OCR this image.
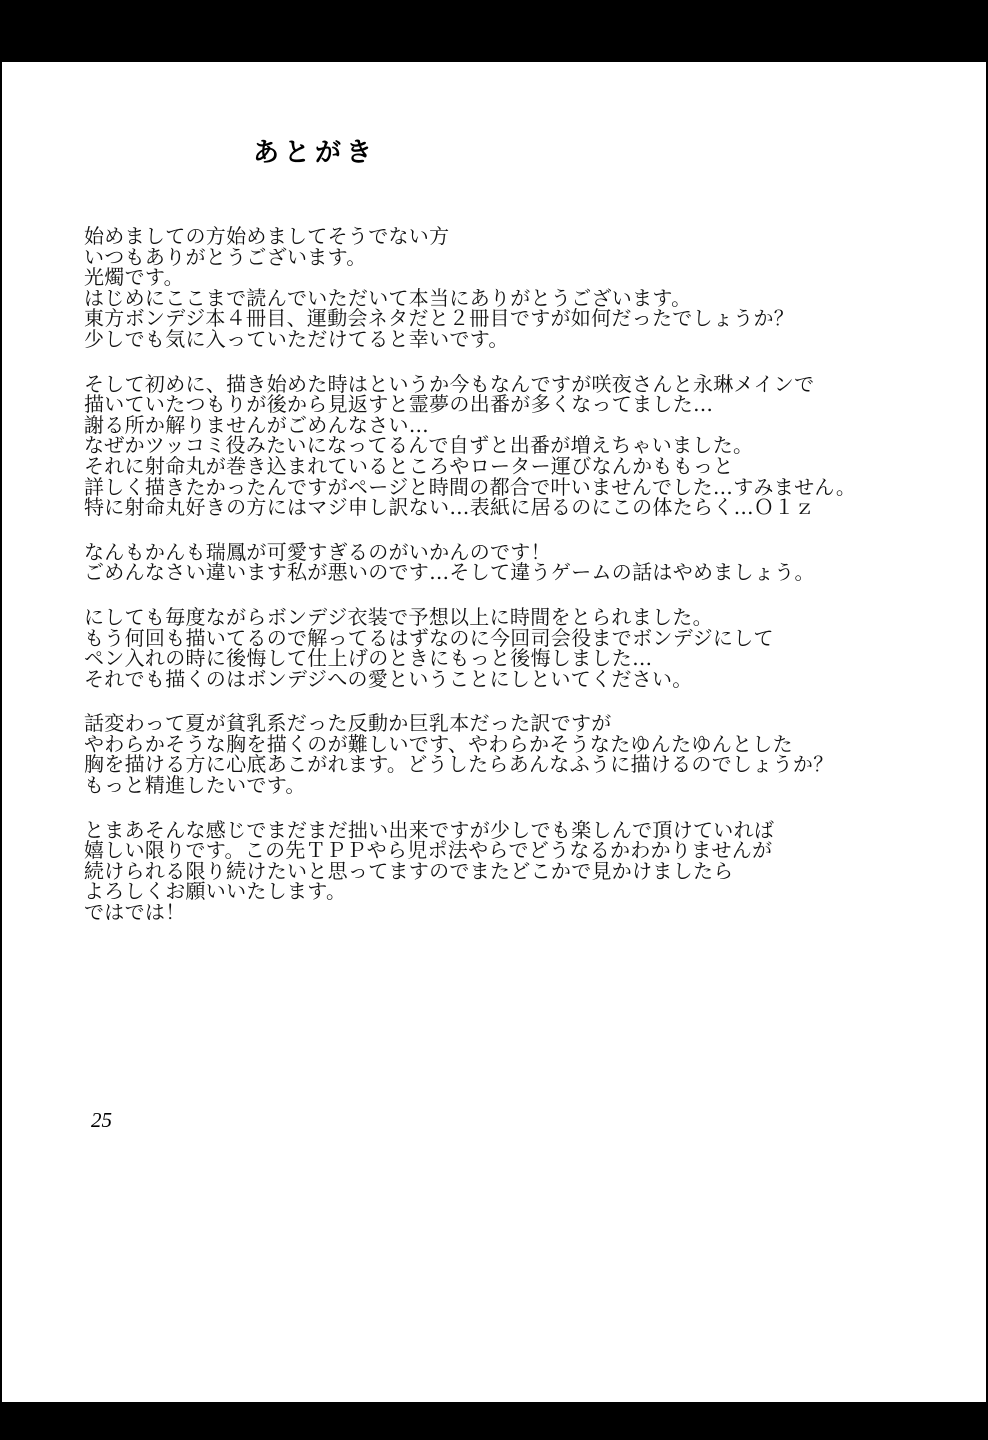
あとがき

始めましての方始めましてそうでない方
いつもありがとうございます。
光燭です。
はじめにここまで読んでいただいて本当にありがとうございます。
東方ボンデジ本４冊目、運動会ネタだと２冊目ですが如何だったでしょうか？
少しでも気に入っていただけてると幸いです。

そして初めに、描き始めた時はというか今もなんですが咲夜さんと永琳メインで
描いていたつもりが後から見返すと霊夢の出番が多くなってました…
謝る所か解りませんがごめんなさい…
なぜかツッコミ役みたいになってるんで自ずと出番が増えちゃいました。
それに射命丸が巻き込まれているところやローター運びなんかももっと
詳しく描きたかったんですがページと時間の都合で叶いませんでした…すみません。
特に射命丸好きの方にはマジ申し訳ない…表紙に居るのにこの体たらく…Ｏ１ｚ

なんもかんも瑞鳳が可愛すぎるのがいかんのです！
ごめんなさい違います私が悪いのです…そして違うゲームの話はやめましょう。

にしても毎度ながらボンデジ衣装で予想以上に時間をとられました。
もう何回も描いてるので解ってるはずなのに今回司会役までボンデジにして
ペン入れの時に後悔して仕上げのときにもっと後悔しました…
それでも描くのはボンデジへの愛ということにしといてください。

話変わって夏が貧乳系だった反動か巨乳本だった訳ですが
やわらかそうな胸を描くのが難しいです、やわらかそうなたゆんたゆんとした
胸を描ける方に心底あこがれます。どうしたらあんなふうに描けるのでしょうか？
もっと精進したいです。

とまあそんな感じでまだまだ拙い出来ですが少しでも楽しんで頂けていれば
嬉しい限りです。この先ＴＰＰやら児ポ法やらでどうなるかわかりませんが
続けられる限り続けたいと思ってますのでまたどこかで見かけましたら
よろしくお願いいたします。
ではでは！

25
